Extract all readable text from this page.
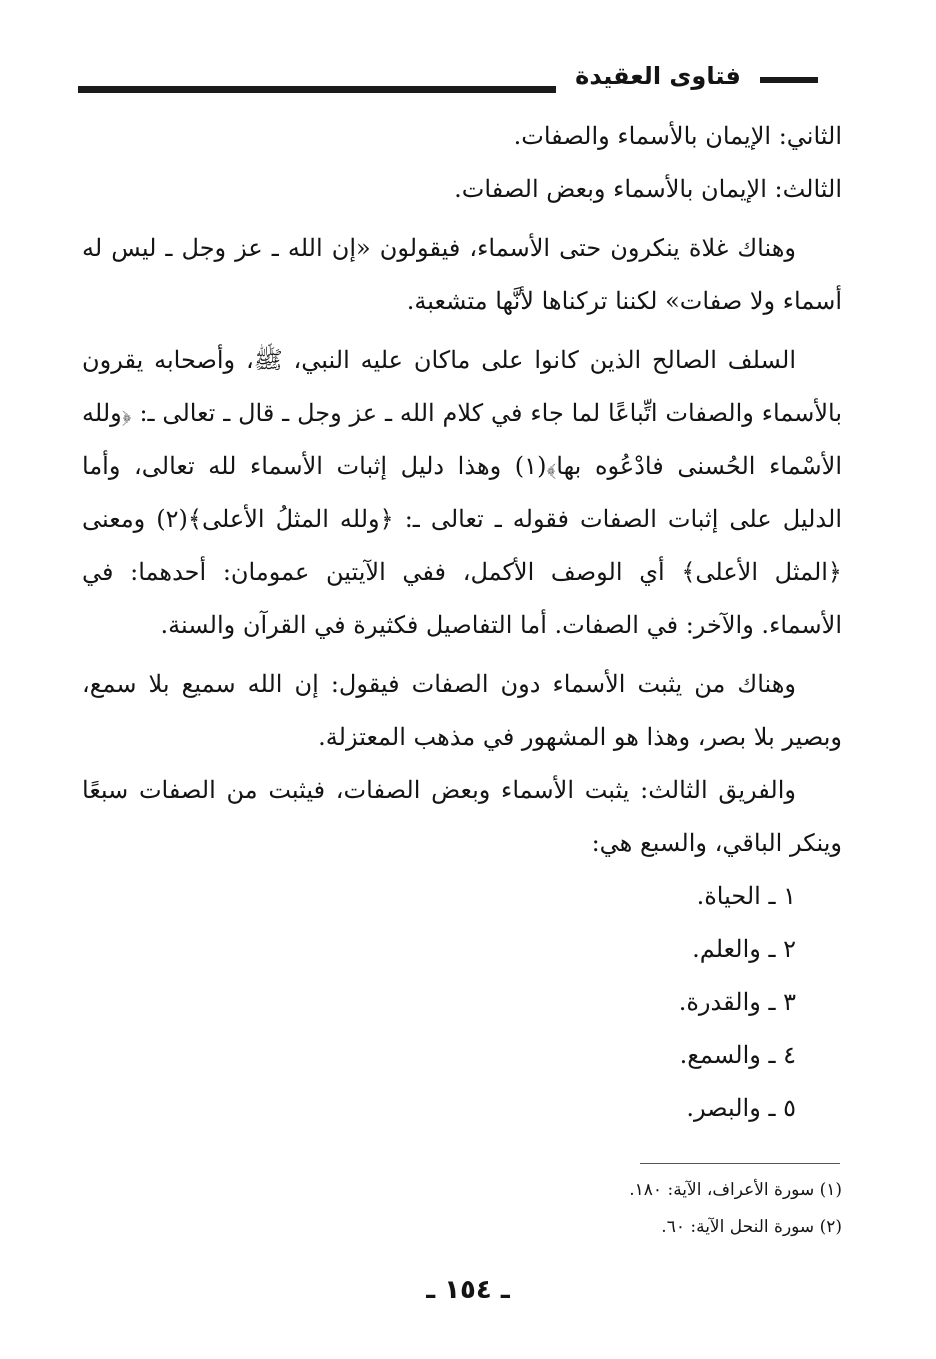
فتاوى العقيدة

الثاني: الإيمان بالأسماء والصفات.

الثالث: الإيمان بالأسماء وبعض الصفات.

وهناك غلاة ينكرون حتى الأسماء، فيقولون «إن الله ـ عز وجل ـ ليس له أسماء ولا صفات» لكننا تركناها لأنَّها متشعبة.

السلف الصالح الذين كانوا على ماكان عليه النبي، ﷺ، وأصحابه يقرون بالأسماء والصفات اتِّباعًا لما جاء في كلام الله ـ عز وجل ـ قال ـ تعالى ـ: ﴿ولله الأسْماء الحُسنى فادْعُوه بها﴾(١) وهذا دليل إثبات الأسماء لله تعالى، وأما الدليل على إثبات الصفات فقوله ـ تعالى ـ: ﴿ولله المثلُ الأعلى﴾(٢) ومعنى ﴿المثل الأعلى﴾ أي الوصف الأكمل، ففي الآيتين عمومان: أحدهما: في الأسماء. والآخر: في الصفات. أما التفاصيل فكثيرة في القرآن والسنة.

وهناك من يثبت الأسماء دون الصفات فيقول: إن الله سميع بلا سمع، وبصير بلا بصر، وهذا هو المشهور في مذهب المعتزلة.

والفريق الثالث: يثبت الأسماء وبعض الصفات، فيثبت من الصفات سبعًا وينكر الباقي، والسبع هي:

١ ـ الحياة.
٢ ـ والعلم.
٣ ـ والقدرة.
٤ ـ والسمع.
٥ ـ والبصر.

(١) سورة الأعراف، الآية: ١٨٠.

(٢) سورة النحل الآية: ٦٠.

ـ ١٥٤ ـ
